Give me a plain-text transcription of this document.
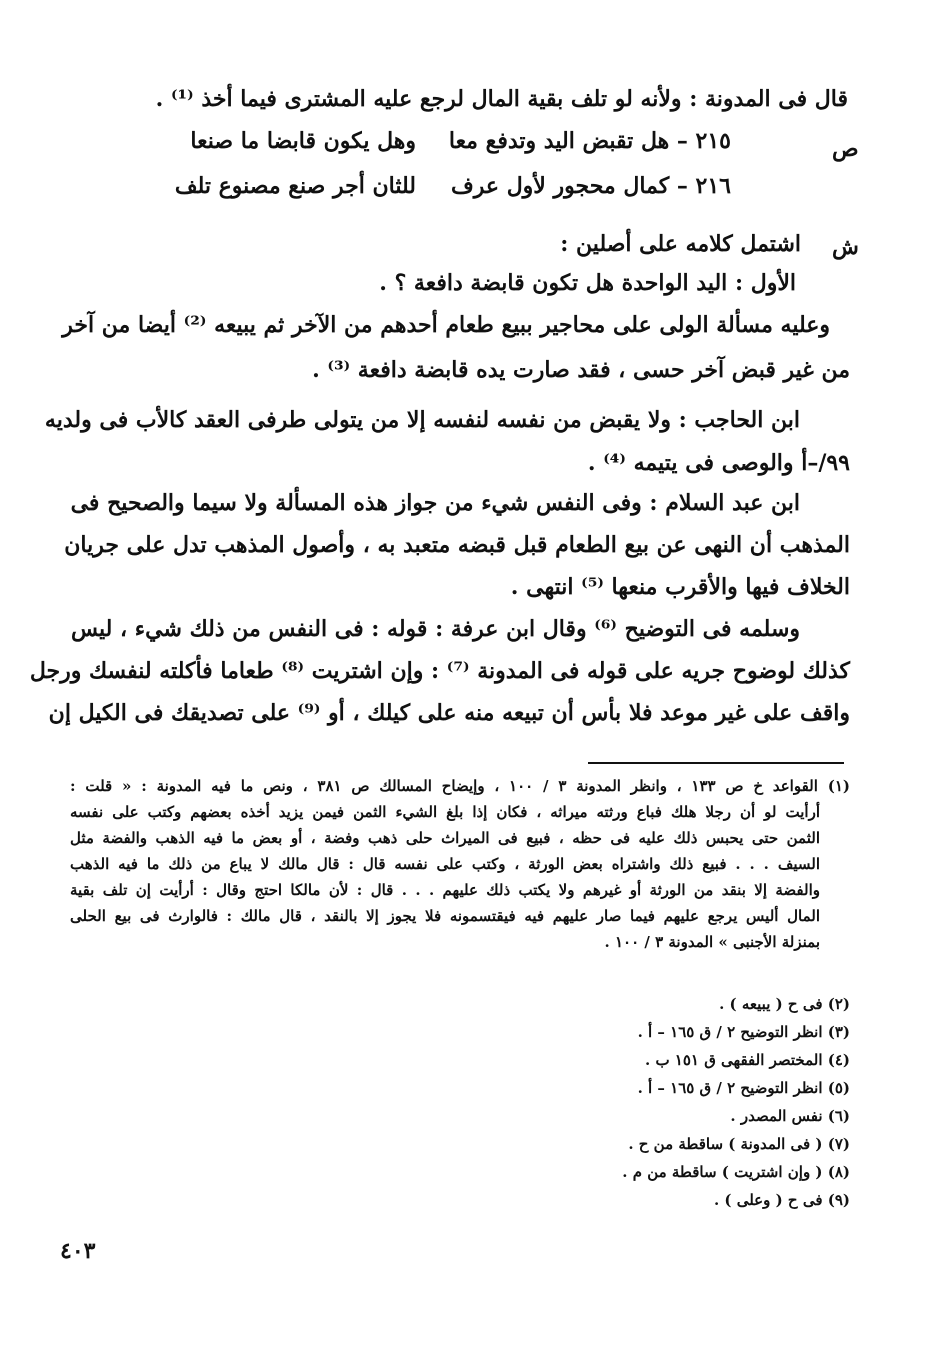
قال فى المدونة : ولأنه لو تلف بقية المال لرجع عليه المشترى فيما أخذ ⁽¹⁾ .
ص
٢١٥ – هل تقبض اليد وتدفع معا
وهل يكون قابضا ما صنعا
٢١٦ – كمال محجور لأول عرف
للثان أجر صنع مصنوع تلف
ش
اشتمل كلامه على أصلين :
الأول : اليد الواحدة هل تكون قابضة دافعة ؟ .
وعليه مسألة الولى على محاجير ببيع طعام أحدهم من الآخر ثم يبيعه ⁽²⁾ أيضا من آخر
من غير قبض آخر حسى ، فقد صارت يده قابضة دافعة ⁽³⁾ .
ابن الحاجب : ولا يقبض من نفسه لنفسه إلا من يتولى طرفى العقد كالأب فى ولديه
٩٩/–أ والوصى فى يتيمه ⁽⁴⁾ .
ابن عبد السلام : وفى النفس شيء من جواز هذه المسألة ولا سيما والصحيح فى
المذهب أن النهى عن بيع الطعام قبل قبضه متعبد به ، وأصول المذهب تدل على جريان
الخلاف فيها والأقرب منعها ⁽⁵⁾ انتهى .
وسلمه فى التوضيح ⁽⁶⁾ وقال ابن عرفة : قوله : فى النفس من ذلك شيء ، ليس
كذلك لوضوح جريه على قوله فى المدونة ⁽⁷⁾ : وإن اشتريت ⁽⁸⁾ طعاما فأكلته لنفسك ورجل
واقف على غير موعد فلا بأس أن تبيعه منه على كيلك ، أو ⁽⁹⁾ على تصديقك فى الكيل إن
(١) القواعد خ ص ١٣٣ ، وانظر المدونة ٣ / ١٠٠ ، وإيضاح المسالك ص ٣٨١ ، ونص ما فيه المدونة : « قلت :
أرأيت لو أن رجلا هلك فباع ورثته ميراثه ، فكان إذا بلغ الشيء الثمن فيمن يزيد أخذه بعضهم وكتب على نفسه
الثمن حتى يحبس ذلك عليه فى حظه ، فبيع فى الميراث حلى ذهب وفضة ، أو بعض ما فيه الذهب والفضة مثل
السيف . . . فبيع ذلك واشتراه بعض الورثة ، وكتب على نفسه قال : قال مالك لا يباع من ذلك ما فيه الذهب
والفضة إلا بنقد من الورثة أو غيرهم ولا يكتب ذلك عليهم . . . قال : لأن مالكا احتج وقال : أرأيت إن تلف بقية
المال أليس يرجع عليهم فيما صار عليهم فيه فيقتسمونه فلا يجوز إلا بالنقد ، قال مالك : فالوارث فى بيع الحلى
بمنزلة الأجنبى » المدونة ٣ / ١٠٠ .
(٢) فى ح ( يبيعه ) .
(٣) انظر التوضيح ٢ / ق ١٦٥ – أ .
(٤) المختصر الفقهى ق ١٥١ ب .
(٥) انظر التوضيح ٢ / ق ١٦٥ – أ .
(٦) نفس المصدر .
(٧) ( فى المدونة ) ساقطة من ح .
(٨) ( وإن اشتريت ) ساقطة من م .
(٩) فى ح ( وعلى ) .
٤٠٣
